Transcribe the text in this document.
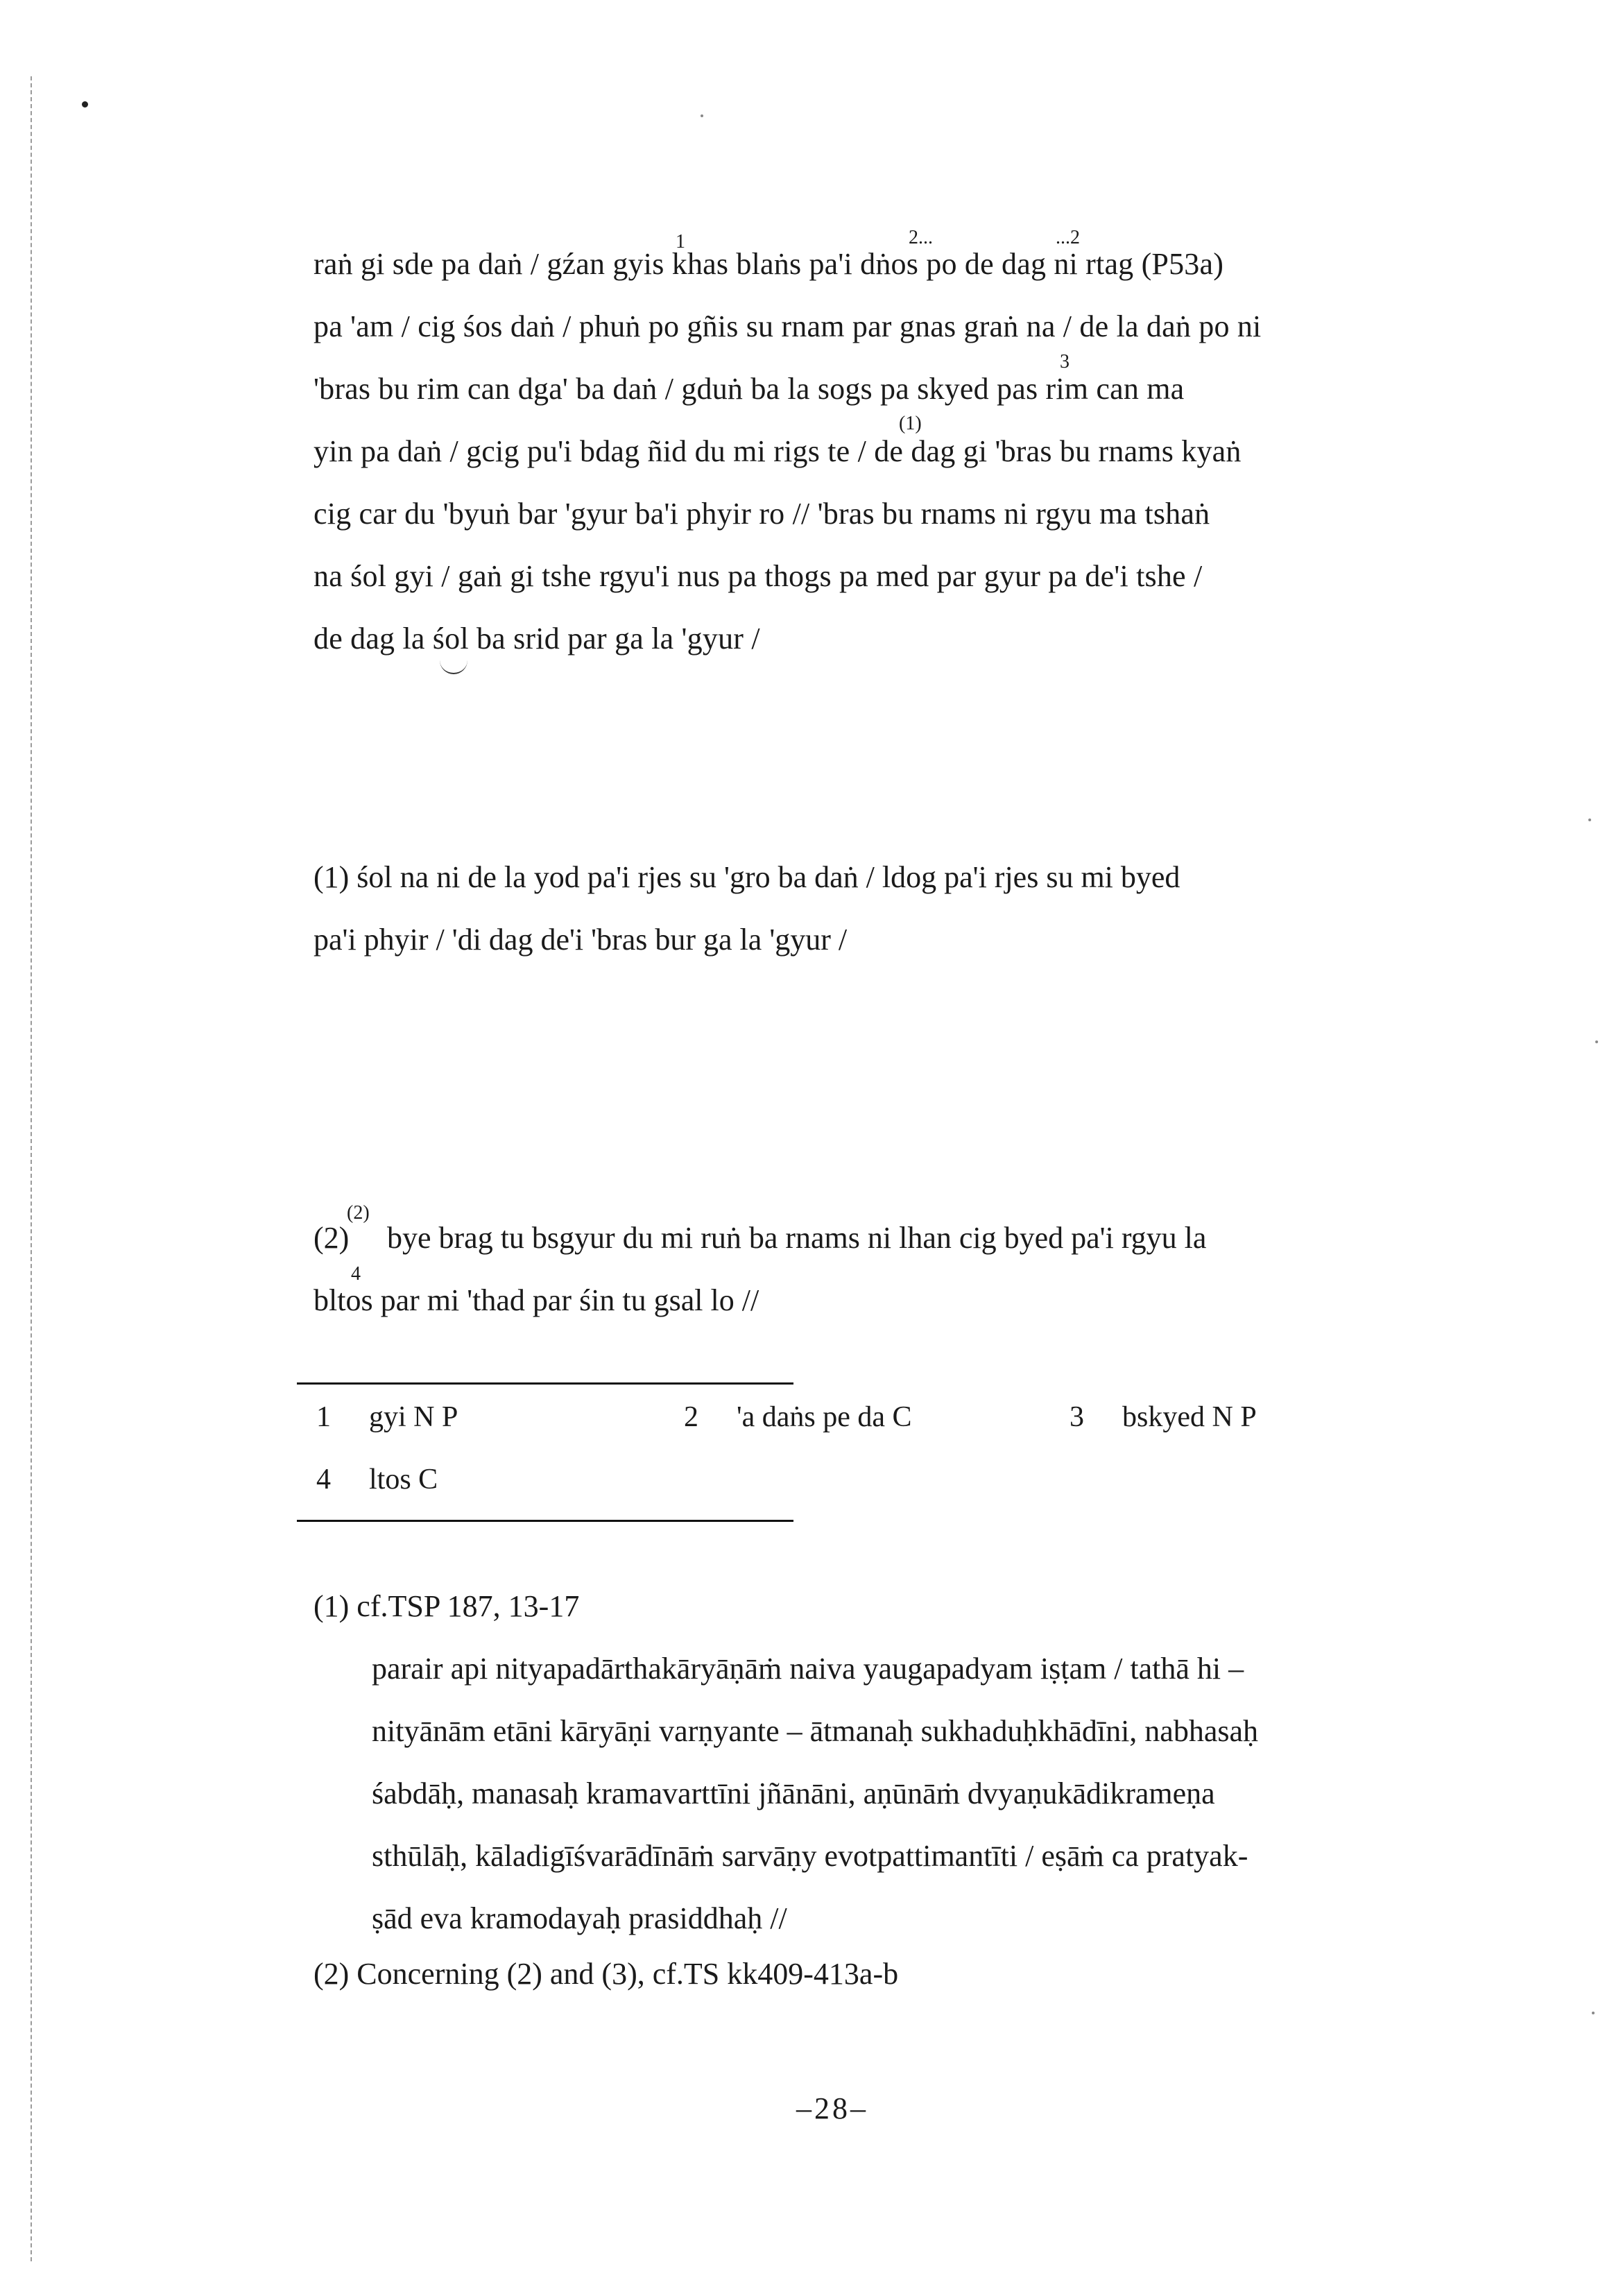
raṅ gi sde pa daṅ / gźan gyis khas blaṅs pa'i dṅos po de dag ni rtag (P53a)
pa 'am / cig śos daṅ / phuṅ po gñis su rnam par gnas graṅ na / de la daṅ po ni
'bras bu rim can dga' ba daṅ / gduṅ ba la sogs pa skyed pas rim can ma
yin pa daṅ / gcig pu'i bdag ñid du mi rigs te / de dag gi 'bras bu rnams kyaṅ
cig car du 'byuṅ bar 'gyur ba'i phyir ro // 'bras bu rnams ni rgyu ma tshaṅ
na śol gyi / gaṅ gi tshe rgyu'i nus pa thogs pa med par gyur pa de'i tshe /
de dag la śol ba srid par ga la 'gyur /
1	2...	...2
3
(1)
(1) śol na ni de la yod pa'i rjes su 'gro ba daṅ / ldog pa'i rjes su mi byed
pa'i phyir / 'di dag de'i 'bras bur ga la 'gyur /
(2)
(2)
bye brag tu bsgyur du mi ruṅ ba rnams ni lhan cig byed pa'i rgyu la
4
bltos par mi 'thad par śin tu gsal lo //
1 gyi N P	2 'a daṅs pe da C	3 bskyed N P
4 ltos C
(1) cf.TSP 187, 13-17
parair api nityapadārthakāryāṇāṁ naiva yaugapadyam iṣṭam / tathā hi –
nityānām etāni kāryāṇi varṇyante – ātmanaḥ sukhaduḥkhādīni, nabhasaḥ
śabdāḥ, manasaḥ kramavarttīni jñānāni, aṇūnāṁ dvyaṇukādikrameṇa
sthūlāḥ, kāladigīśvarādīnāṁ sarvāṇy evotpattimantīti / eṣāṁ ca pratyak-
ṣād eva kramodayaḥ prasiddhaḥ //
(2) Concerning (2) and (3), cf.TS kk409-413a-b
–28–
